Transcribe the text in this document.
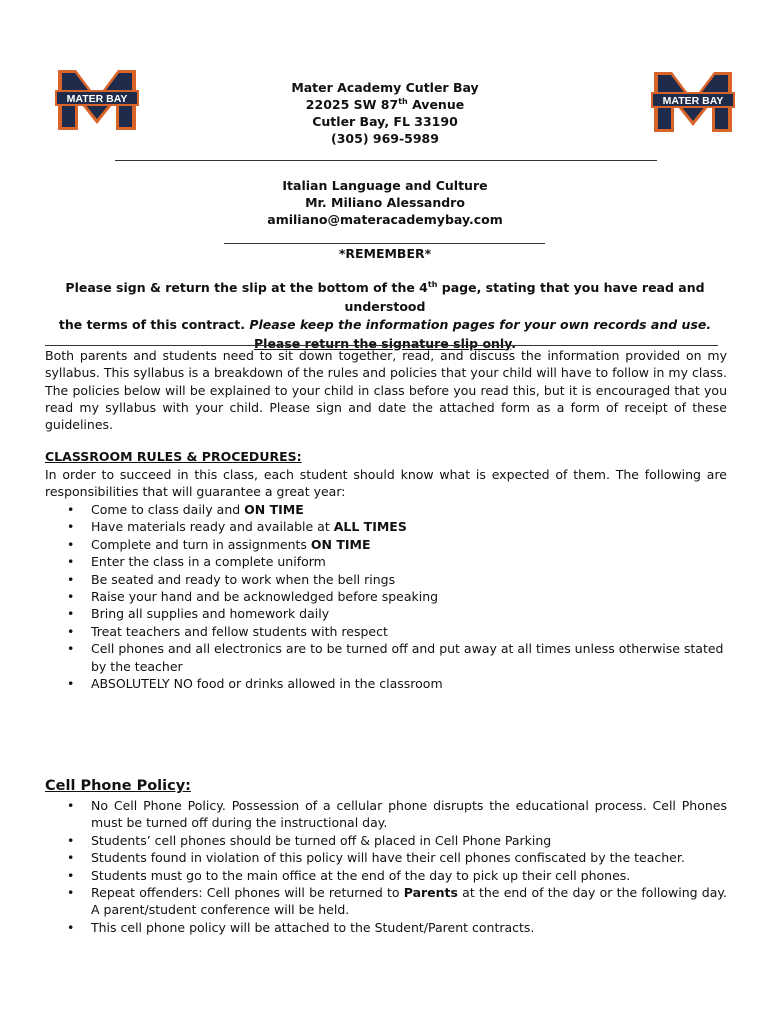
MATER BAY	MATER BAY
Mater Academy Cutler Bay
22025 SW 87th Avenue
Cutler Bay, FL 33190
(305) 969-5989
Italian Language and Culture
Mr. Miliano Alessandro
amiliano@materacademybay.com
*REMEMBER*
Please sign & return the slip at the bottom of the 4th page, stating that you have read and understood
the terms of this contract. Please keep the information pages for your own records and use.
Please return the signature slip only.
Both parents and students need to sit down together, read, and discuss the information provided on my syllabus. This syllabus is a breakdown of the rules and policies that your child will have to follow in my class. The policies below will be explained to your child in class before you read this, but it is encouraged that you read my syllabus with your child. Please sign and date the attached form as a form of receipt of these guidelines.
CLASSROOM RULES & PROCEDURES:
In order to succeed in this class, each student should know what is expected of them. The following are responsibilities that will guarantee a great year:
• Come to class daily and ON TIME
• Have materials ready and available at ALL TIMES
• Complete and turn in assignments ON TIME
• Enter the class in a complete uniform
• Be seated and ready to work when the bell rings
• Raise your hand and be acknowledged before speaking
• Bring all supplies and homework daily
• Treat teachers and fellow students with respect
• Cell phones and all electronics are to be turned off and put away at all times unless otherwise stated by the teacher
• ABSOLUTELY NO food or drinks allowed in the classroom
Cell Phone Policy:
• No Cell Phone Policy. Possession of a cellular phone disrupts the educational process. Cell Phones must be turned off during the instructional day.
• Students’ cell phones should be turned off & placed in Cell Phone Parking
• Students found in violation of this policy will have their cell phones confiscated by the teacher.
• Students must go to the main office at the end of the day to pick up their cell phones.
• Repeat offenders: Cell phones will be returned to Parents at the end of the day or the following day. A parent/student conference will be held.
• This cell phone policy will be attached to the Student/Parent contracts.
